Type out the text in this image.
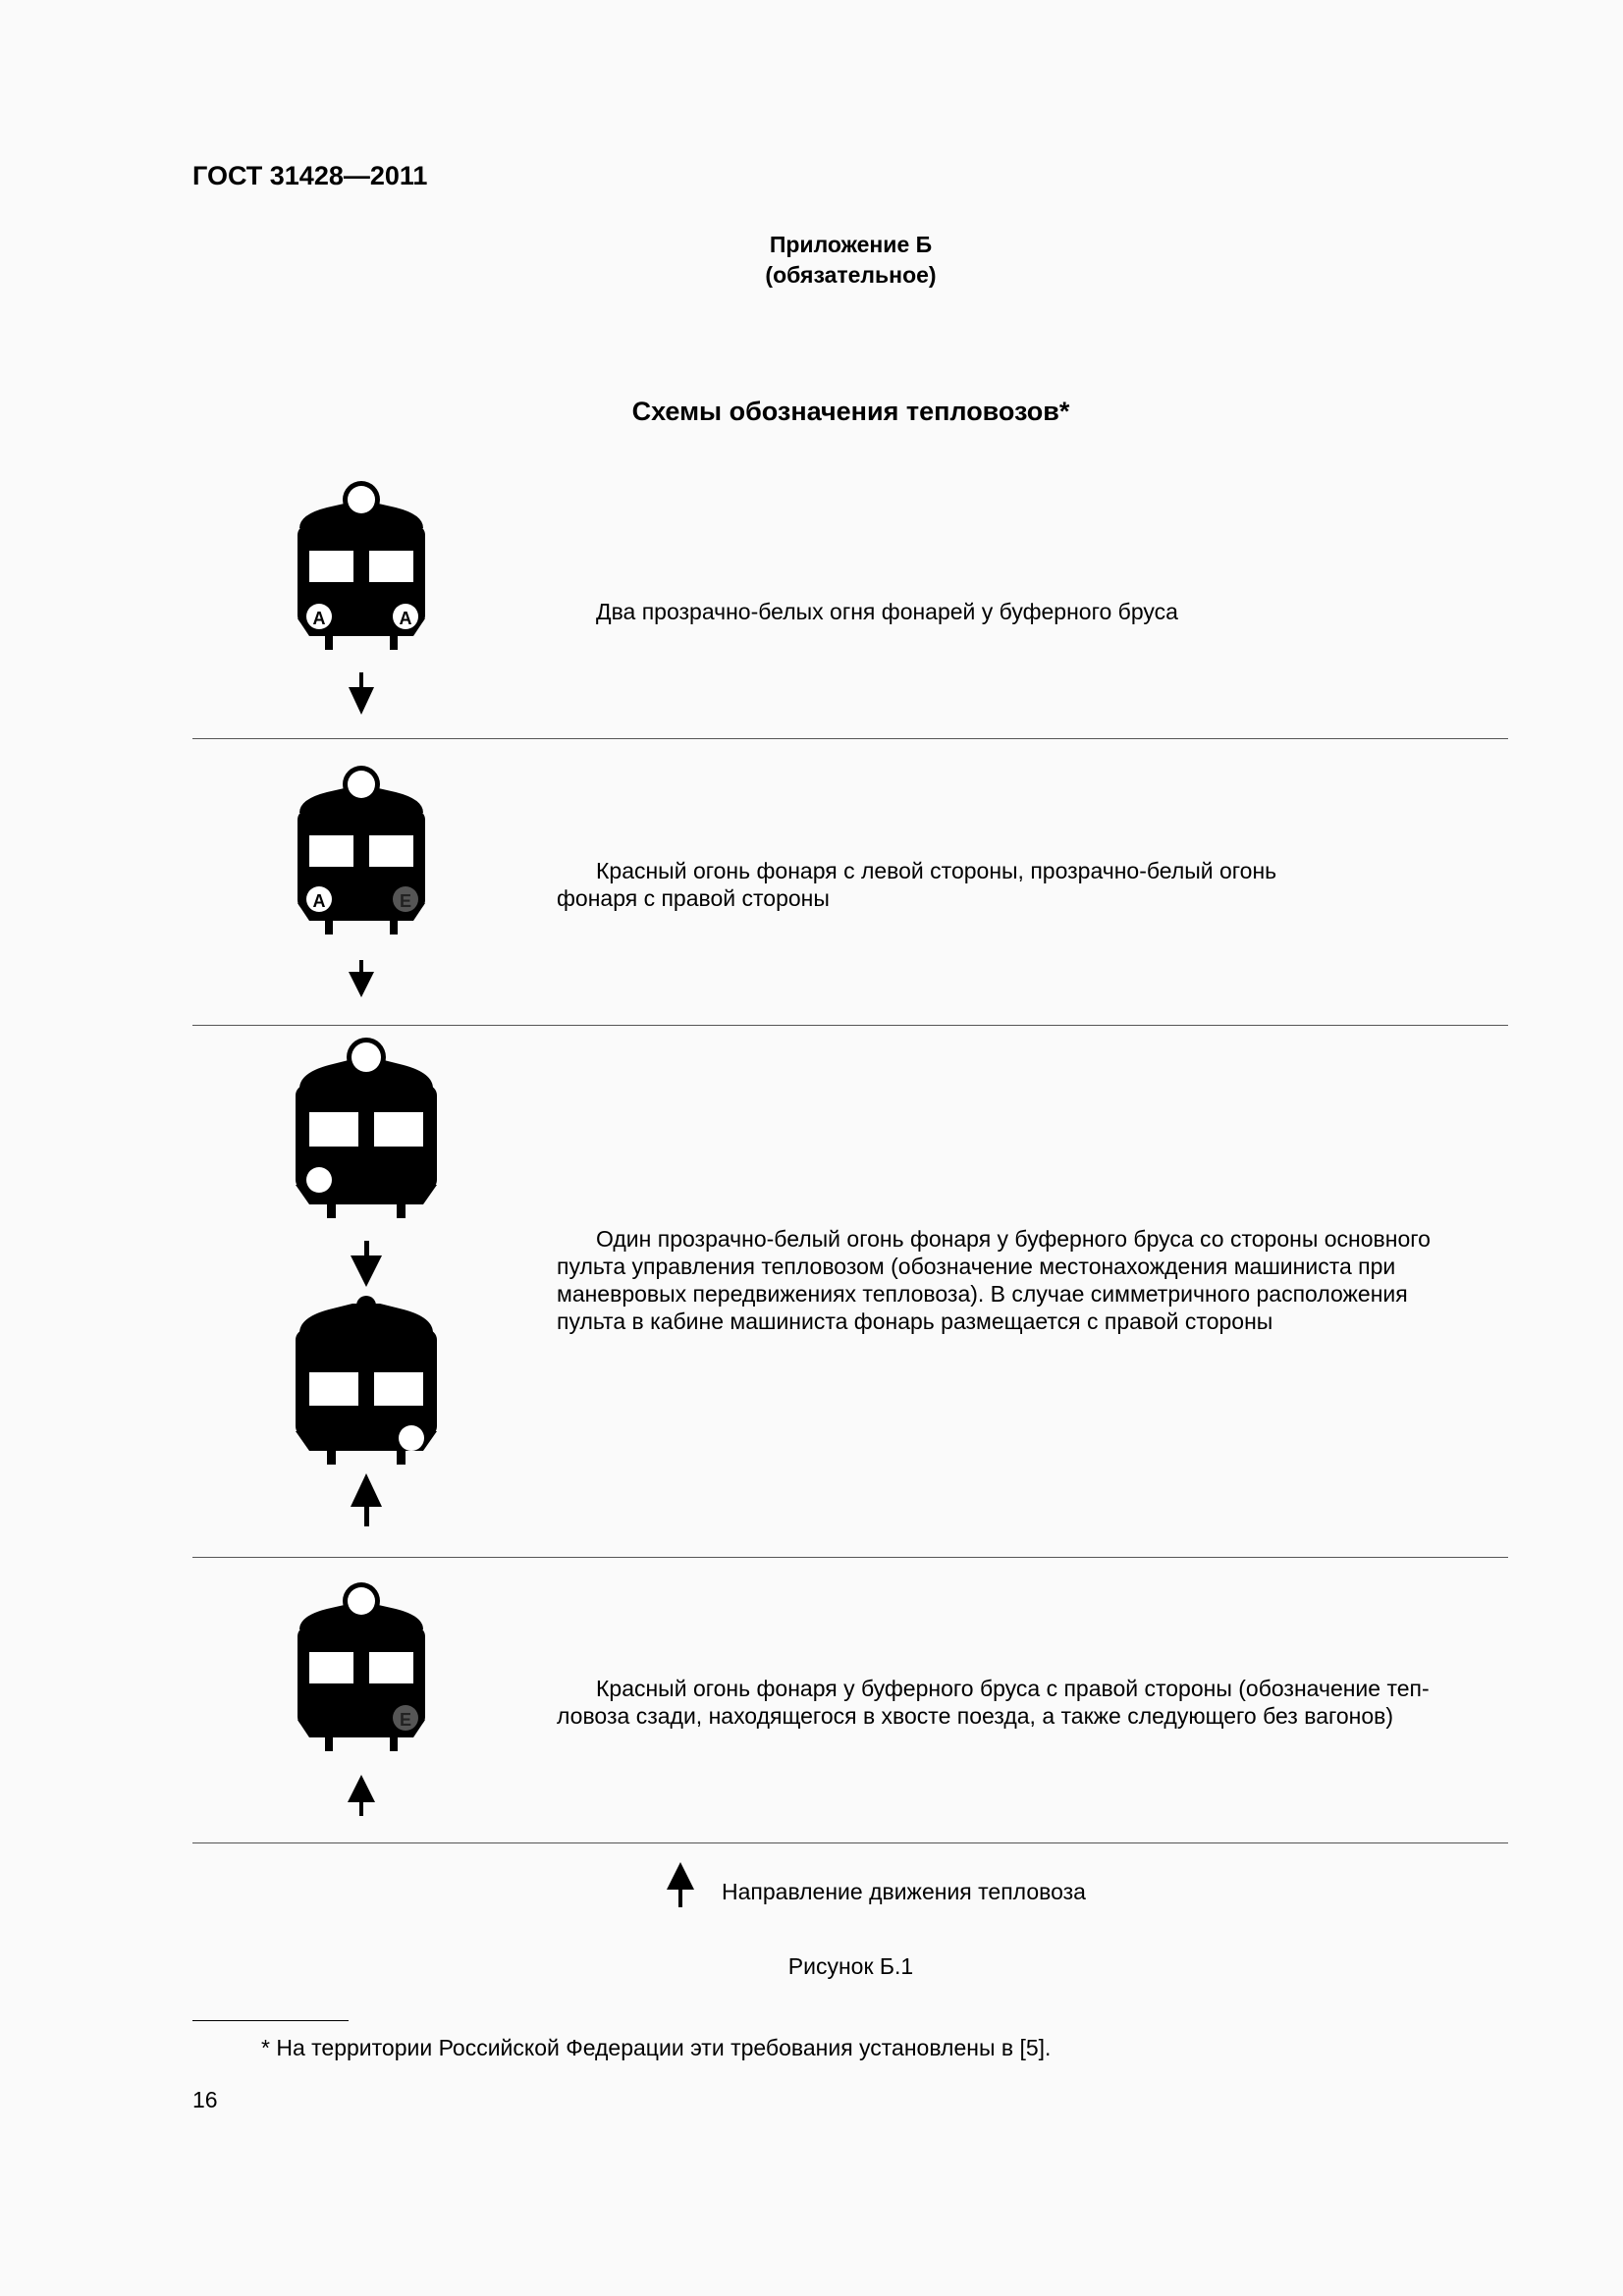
ГОСТ 31428—2011
Приложение Б
(обязательное)
Схемы обозначения тепловозов*
A	A	Два прозрачно-белых огня фонарей у буферного бруса
A	E
Красный огонь фонаря с левой стороны, прозрачно-белый огонь
фонаря с правой стороны
Один прозрачно-белый огонь фонаря у буферного бруса со стороны основного
пульта управления тепловозом (обозначение местонахождения машиниста при
маневровых передвижениях тепловоза). В случае симметричного расположения
пульта в кабине машиниста фонарь размещается с правой стороны
E
Красный огонь фонаря у буферного бруса с правой стороны (обозначение теп-
ловоза сзади, находящегося в хвосте поезда, а также следующего без вагонов)
Направление движения тепловоза
Рисунок Б.1
* На территории Российской Федерации эти требования установлены в [5].
16
